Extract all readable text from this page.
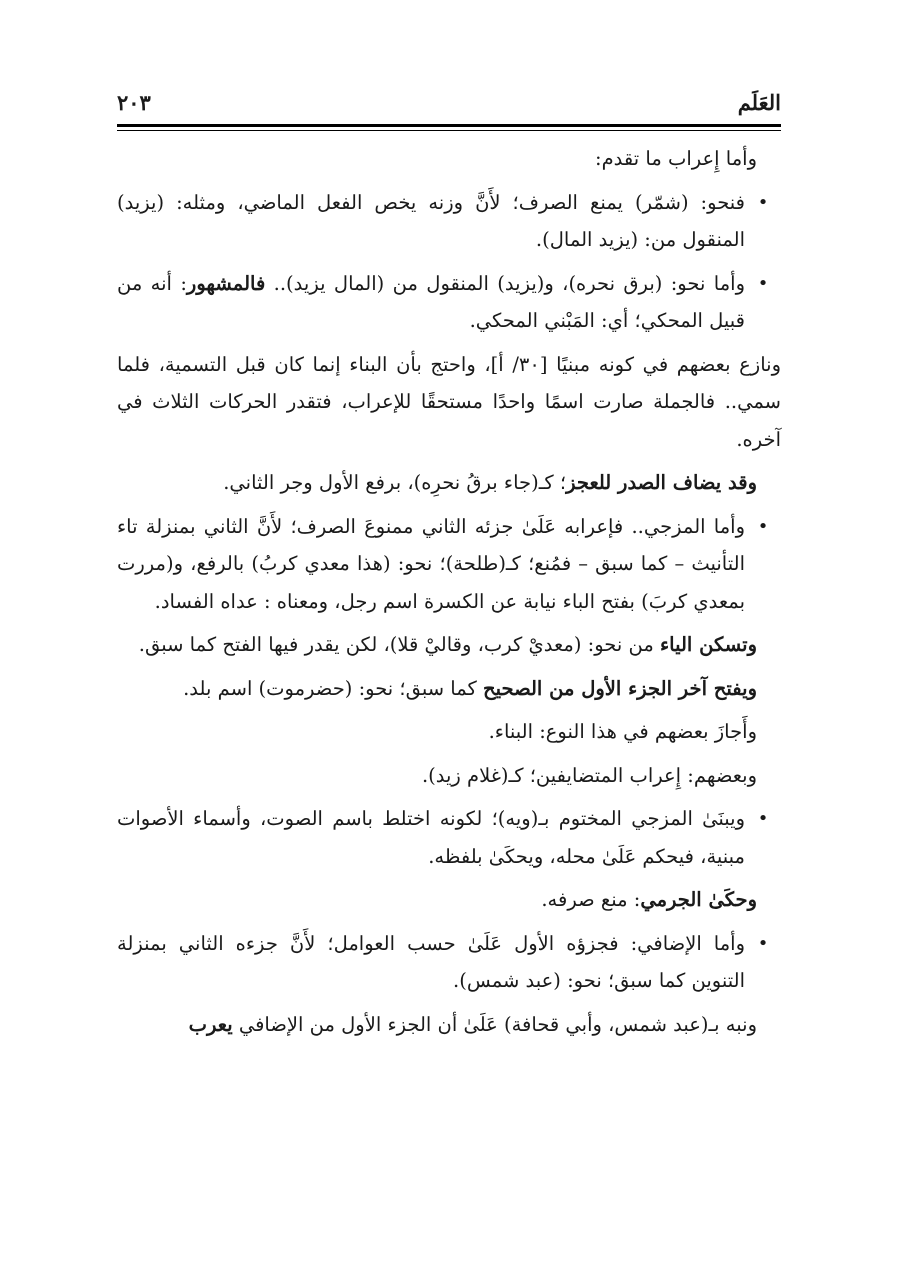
العَلَم
٢٠٣

وأما إِعراب ما تقدم:

•
فنحو: (شمّر) يمنع الصرف؛ لأَنَّ وزنه يخص الفعل الماضي، ومثله: (يزيد) المنقول من: (يزيد المال).
•
وأما نحو: (برق نحره)، و(يزيد) المنقول من (المال يزيد).. فالمشهور: أنه من قبيل المحكي؛ أي: المَبْني المحكي.

ونازع بعضهم في كونه مبنيًا [٣٠/ أ]، واحتج بأن البناء إنما كان قبل التسمية، فلما سمي.. فالجملة صارت اسمًا واحدًا مستحقًا للإعراب، فتقدر الحركات الثلاث في آخره.

وقد يضاف الصدر للعجز؛ كـ(جاء برقُ نحرِه)، برفع الأول وجر الثاني.

•
وأما المزجي.. فإعرابه عَلَىٰ جزئه الثاني ممنوعَ الصرف؛ لأَنَّ الثاني بمنزلة تاء التأنيث – كما سبق – فمُنع؛ كـ(طلحة)؛ نحو: (هذا معدي كربُ) بالرفع، و(مررت بمعدي كربَ) بفتح الباء نيابة عن الكسرة اسم رجل، ومعناه : عداه الفساد.

وتسكن الياء من نحو: (معديْ كرب، وقاليْ قلا)، لكن يقدر فيها الفتح كما سبق.

ويفتح آخر الجزء الأول من الصحيح كما سبق؛ نحو: (حضرموت) اسم بلد.

وأَجازَ بعضهم في هذا النوع: البناء.

وبعضهم: إِعراب المتضايفين؛ كـ(غلام زيد).

•
ويبنَىٰ المزجي المختوم بـ(ويه)؛ لكونه اختلط باسم الصوت، وأسماء الأصوات مبنية، فيحكم عَلَىٰ محله، ويحكَىٰ بلفظه.

وحكَىٰ الجرمي: منع صرفه.

•
وأما الإضافي: فجزؤه الأول عَلَىٰ حسب العوامل؛ لأَنَّ جزءه الثاني بمنزلة التنوين كما سبق؛ نحو: (عبد شمس).

ونبه بـ(عبد شمس، وأبي قحافة) عَلَىٰ أن الجزء الأول من الإضافي يعرب
